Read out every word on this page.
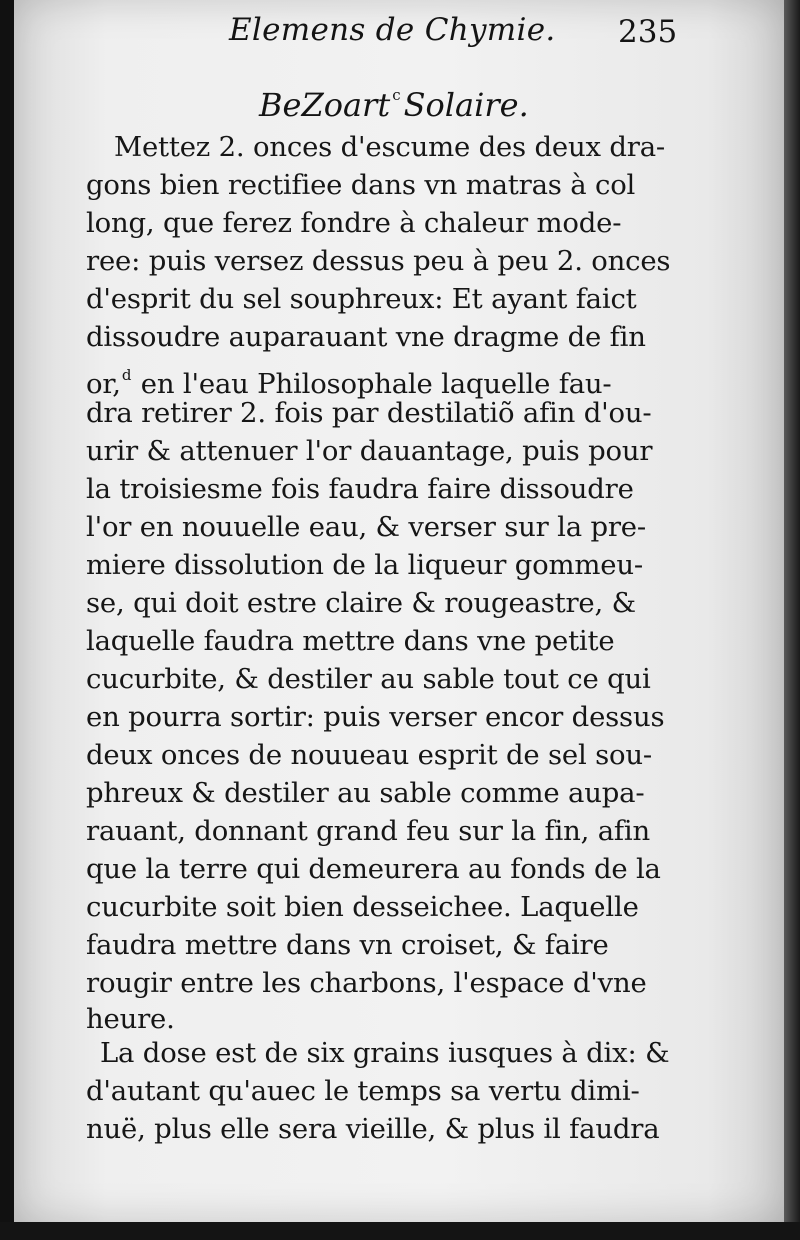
Elemens de Chymie. 235
BeZoart $^c$Solaire.
Mettez 2. onces d'escume des deux dra-
gons bien rectifiee dans vn matras à col
long, que ferez fondre à chaleur mode-
ree: puis versez dessus peu à peu 2. onces
d'esprit du sel souphreux: Et ayant faict
dissoudre auparauant vne dragme de fin
or,$^d$ en l'eau Philosophale laquelle fau-
dra retirer 2. fois par destilatiõ afin d'ou-
urir & attenuer l'or dauantage, puis pour
la troisiesme fois faudra faire dissoudre
l'or en nouuelle eau, & verser sur la pre-
miere dissolution de la liqueur gommeu-
se, qui doit estre claire & rougeastre, &
laquelle faudra mettre dans vne petite
cucurbite, & destiler au sable tout ce qui
en pourra sortir: puis verser encor dessus
deux onces de nouueau esprit de sel sou-
phreux & destiler au sable comme aupa-
rauant, donnant grand feu sur la fin, afin
que la terre qui demeurera au fonds de la
cucurbite soit bien desseichee. Laquelle
faudra mettre dans vn croiset, & faire
rougir entre les charbons, l'espace d'vne
heure.
La dose est de six grains iusques à dix: &
d'autant qu'auec le temps sa vertu dimi-
nuë, plus elle sera vieille, & plus il faudra
